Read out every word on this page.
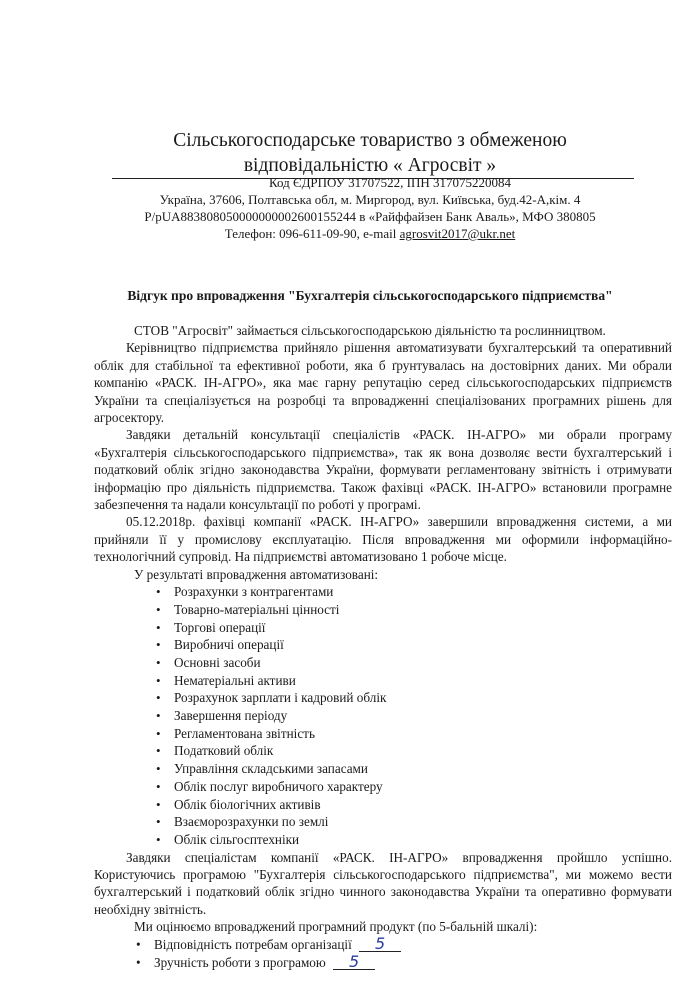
Сільськогосподарське товариство з обмеженою
відповідальністю « Агросвіт »
Код ЄДРПОУ 31707522, ІПН 317075220084
Україна, 37606, Полтавська обл, м. Миргород, вул. Київська, буд.42-А,кім. 4
Р/рUA883808050000000002600155244 в «Райффайзен Банк Аваль», МФО 380805
Телефон: 096-611-09-90, e-mail agrosvit2017@ukr.net
Відгук про впровадження "Бухгалтерія сільськогосподарського підприємства"

СТОВ "Агросвіт" займається сільськогосподарською діяльністю та рослинництвом.

Керівництво підприємства прийняло рішення автоматизувати бухгалтерський та оперативний облік для стабільної та ефективної роботи, яка б ґрунтувалась на достовірних даних. Ми обрали компанію «РАСК. ІН-АГРО», яка має гарну репутацію серед сільськогосподарських підприємств України та спеціалізується на розробці та впровадженні спеціалізованих програмних рішень для агросектору.

Завдяки детальній консультації спеціалістів «РАСК. ІН-АГРО» ми обрали програму «Бухгалтерія сільськогосподарського підприємства», так як вона дозволяє вести бухгалтерський і податковий облік згідно законодавства України, формувати регламентовану звітність і отримувати інформацію про діяльність підприємства. Також фахівці «РАСК. ІН-АГРО» встановили програмне забезпечення та надали консультації по роботі у програмі.

05.12.2018р. фахівці компанії «РАСК. ІН-АГРО» завершили впровадження системи, а ми прийняли її у промислову експлуатацію. Після впровадження ми оформили інформаційно-технологічний супровід. На підприємстві автоматизовано 1 робоче місце.

У результаті впровадження автоматизовані:

• Розрахунки з контрагентами
• Товарно-матеріальні цінності
• Торгові операції
• Виробничі операції
• Основні засоби
• Нематеріальні активи
• Розрахунок зарплати і кадровий облік
• Завершення періоду
• Регламентована звітність
• Податковий облік
• Управління складськими запасами
• Облік послуг виробничого характеру
• Облік біологічних активів
• Взаєморозрахунки по землі
• Облік сільгосптехніки

Завдяки спеціалістам компанії «РАСК. ІН-АГРО» впровадження пройшло успішно. Користуючись програмою "Бухгалтерія сільськогосподарського підприємства", ми можемо вести бухгалтерський і податковий облік згідно чинного законодавства України та оперативно формувати необхідну звітність.

Ми оцінюємо впроваджений програмний продукт (по 5-бальній шкалі):

• Відповідність потребам організації 5
• Зручність роботи з програмою 5
